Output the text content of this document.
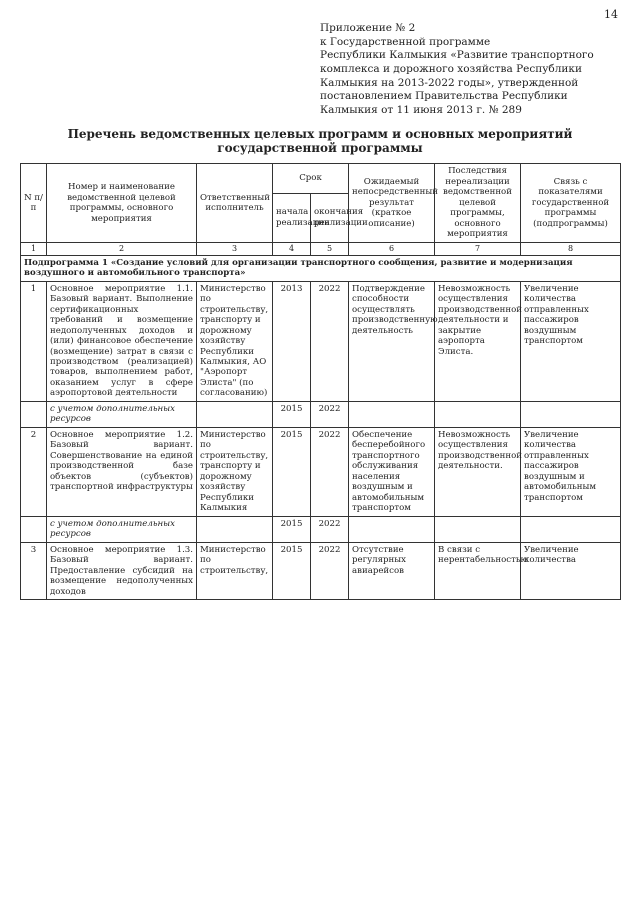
14
Приложение № 2
к Государственной программе
Республики Калмыкия «Развитие транспортного
комплекса и дорожного хозяйства Республики
Калмыкия на 2013-2022 годы», утвержденной
постановлением Правительства Республики
Калмыкия от 11 июня 2013 г. № 289
Перечень ведомственных целевых программ и основных мероприятий государственной программы
N п/п	Номер и наименование ведомственной целевой программы, основного мероприятия	Ответственный исполнитель	Срок		Ожидаемый непосредственный результат (краткое описание)	Последствия нереализации ведомственной целевой программы, основного мероприятия	Связь с показателями государственной программы (подпрограммы)
			начала реализации	окончания реализации			
1	2	3	4	5	6	7	8
Подпрограмма 1 «Создание условий для организации транспортного сообщения, развитие и модернизация воздушного и автомобильного транспорта»							
1	Основное мероприятие 1.1. Базовый вариант. Выполнение сертификационных требований и возмещение недополученных доходов и (или) финансовое обеспечение (возмещение) затрат в связи с производством (реализацией) товаров, выполнением работ, оказанием услуг в сфере аэропортовой деятельности	Министерство по строительству, транспорту и дорожному хозяйству Республики Калмыкия, АО "Аэропорт Элиста" (по согласованию)	2013	2022	Подтверждение способности осуществлять производственную деятельность	Невозможность осуществления производственной деятельности и закрытие аэропорта Элиста.	Увеличение количества отправленных пассажиров воздушным транспортом
	с учетом дополнительных ресурсов		2015	2022			
2	Основное мероприятие 1.2. Базовый вариант. Совершенствование на единой производственной базе объектов (субъектов) транспортной инфраструктуры	Министерство по строительству, транспорту и дорожному хозяйству Республики Калмыкия	2015	2022	Обеспечение бесперебойного транспортного обслуживания населения воздушным и автомобильным транспортом	Невозможность осуществления производственной деятельности.	Увеличение количества отправленных пассажиров воздушным и автомобильным транспортом
	с учетом дополнительных ресурсов		2015	2022			
3	Основное мероприятие 1.3. Базовый вариант. Предоставление субсидий на возмещение недополученных доходов	Министерство по строительству,	2015	2022	Отсутствие регулярных авиарейсов	В связи с нерентабельностью	Увеличение количества
